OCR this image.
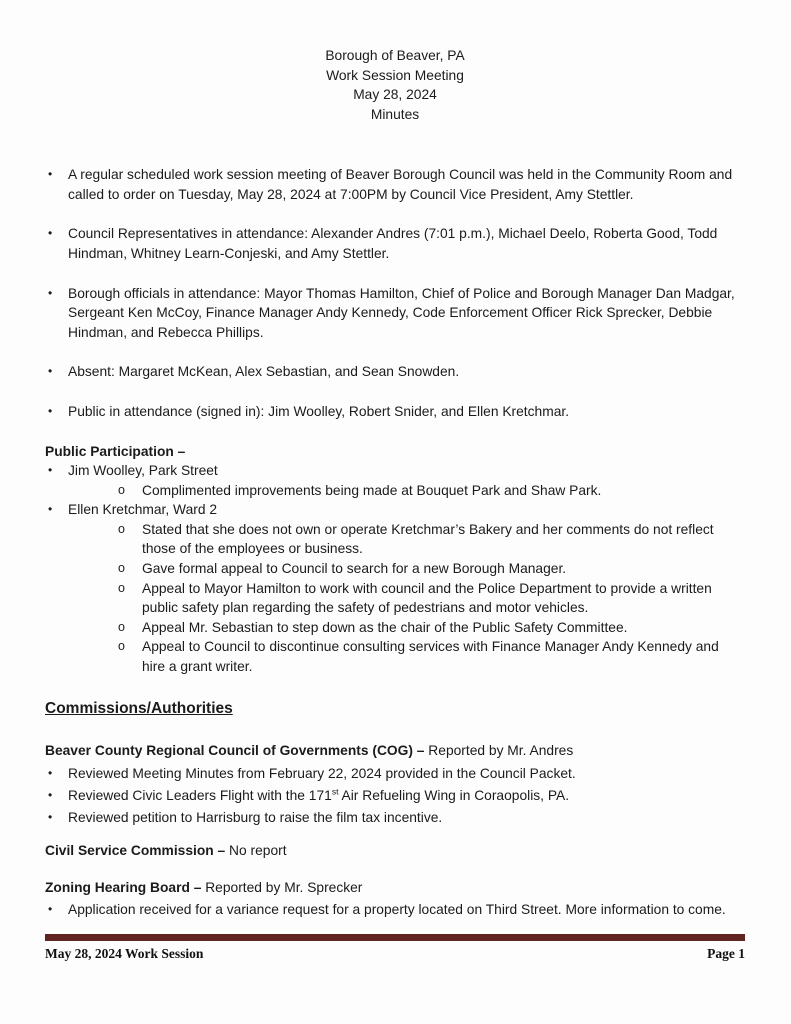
Borough of Beaver, PA
Work Session Meeting
May 28, 2024
Minutes
•	A regular scheduled work session meeting of Beaver Borough Council was held in the Community Room and called to order on Tuesday, May 28, 2024 at 7:00PM by Council Vice President, Amy Stettler.
•	Council Representatives in attendance: Alexander Andres (7:01 p.m.), Michael Deelo, Roberta Good, Todd Hindman, Whitney Learn-Conjeski, and Amy Stettler.
•	Borough officials in attendance: Mayor Thomas Hamilton, Chief of Police and Borough Manager Dan Madgar, Sergeant Ken McCoy, Finance Manager Andy Kennedy, Code Enforcement Officer Rick Sprecker, Debbie Hindman, and Rebecca Phillips.
•	Absent: Margaret McKean, Alex Sebastian, and Sean Snowden.
•	Public in attendance (signed in): Jim Woolley, Robert Snider, and Ellen Kretchmar.
Public Participation –
•	Jim Woolley, Park Street
o	Complimented improvements being made at Bouquet Park and Shaw Park.
•	Ellen Kretchmar, Ward 2
o	Stated that she does not own or operate Kretchmar’s Bakery and her comments do not reflect those of the employees or business.
o	Gave formal appeal to Council to search for a new Borough Manager.
o	Appeal to Mayor Hamilton to work with council and the Police Department to provide a written public safety plan regarding the safety of pedestrians and motor vehicles.
o	Appeal Mr. Sebastian to step down as the chair of the Public Safety Committee.
o	Appeal to Council to discontinue consulting services with Finance Manager Andy Kennedy and hire a grant writer.
Commissions/Authorities
Beaver County Regional Council of Governments (COG) – Reported by Mr. Andres
•	Reviewed Meeting Minutes from February 22, 2024 provided in the Council Packet.
•	Reviewed Civic Leaders Flight with the 171st Air Refueling Wing in Coraopolis, PA.
•	Reviewed petition to Harrisburg to raise the film tax incentive.
Civil Service Commission – No report
Zoning Hearing Board – Reported by Mr. Sprecker
•	Application received for a variance request for a property located on Third Street. More information to come.
May 28, 2024 Work Session	Page 1
